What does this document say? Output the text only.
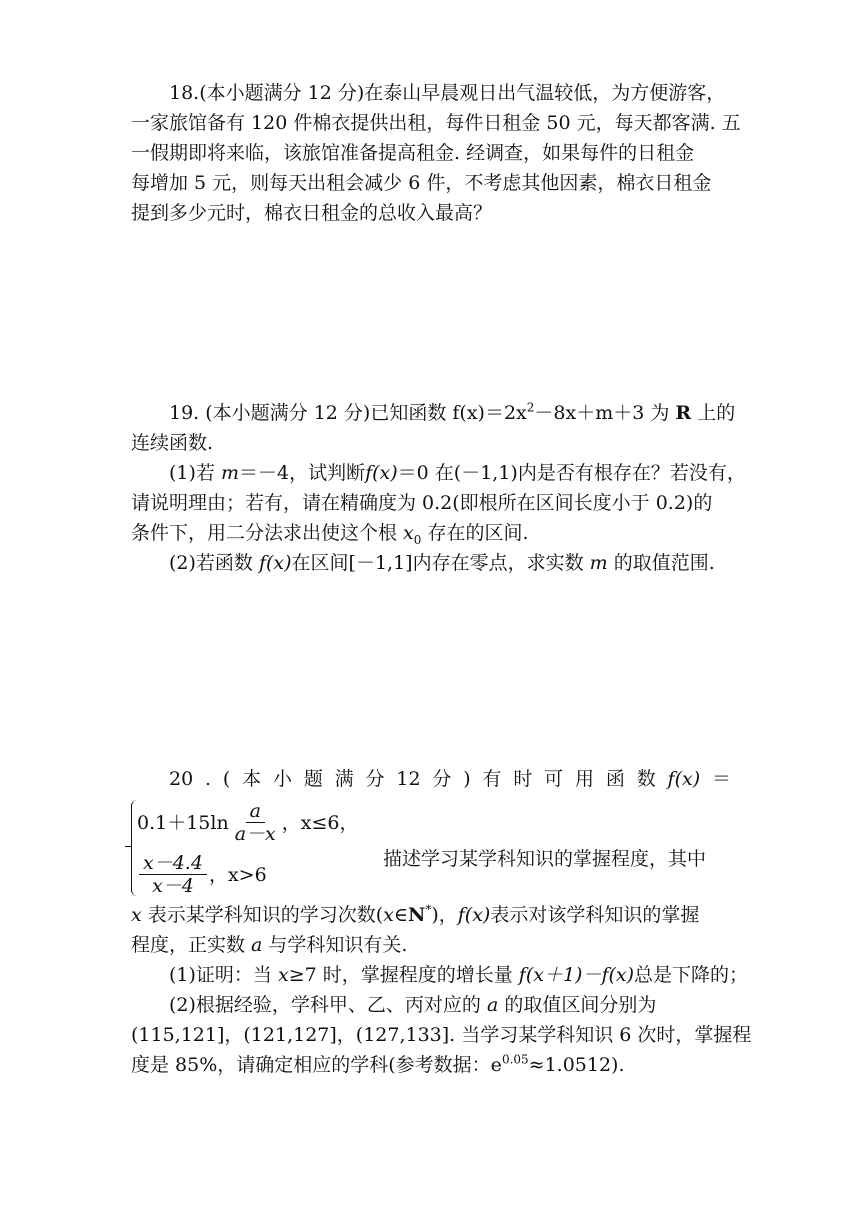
18.(本小题满分 12 分)在泰山早晨观日出气温较低，为方便游客，
一家旅馆备有 120 件棉衣提供出租，每件日租金 50 元，每天都客满. 五
一假期即将来临，该旅馆准备提高租金. 经调查，如果每件的日租金
每增加 5 元，则每天出租会减少 6 件，不考虑其他因素，棉衣日租金
提到多少元时，棉衣日租金的总收入最高？
19. (本小题满分 12 分)已知函数 $f(x)=2x^2-8x+m+3$ 为 R 上的
连续函数.
(1)若 m＝－4，试判断f(x)＝0 在(－1,1)内是否有根存在？若没有，
请说明理由；若有，请在精确度为 0.2(即根所在区间长度小于 0.2)的
条件下，用二分法求出使这个根 $x_0$ 存在的区间.
(2)若函数 f(x)在区间[－1,1]内存在零点，求实数 m 的取值范围.
20 . ( 本 小 题 满 分 12 分 ) 有 时 可 用 函 数 f(x) ＝
$0.1+15\ln \frac{a}{a-x}$ ，x≤6，
$\frac{x-4.4}{x-4}$ ，x>6
描述学习某学科知识的掌握程度，其中
x 表示某学科知识的学习次数(x∈N*)，f(x)表示对该学科知识的掌握
程度，正实数 a 与学科知识有关.
(1)证明：当 x≥7 时，掌握程度的增长量 f(x＋1)－f(x)总是下降的；
(2)根据经验，学科甲、乙、丙对应的 a 的取值区间分别为
(115,121]，(121,127]，(127,133]. 当学习某学科知识 6 次时，掌握程
度是 85%，请确定相应的学科(参考数据：$e^{0.05}\approx 1.0512$).
